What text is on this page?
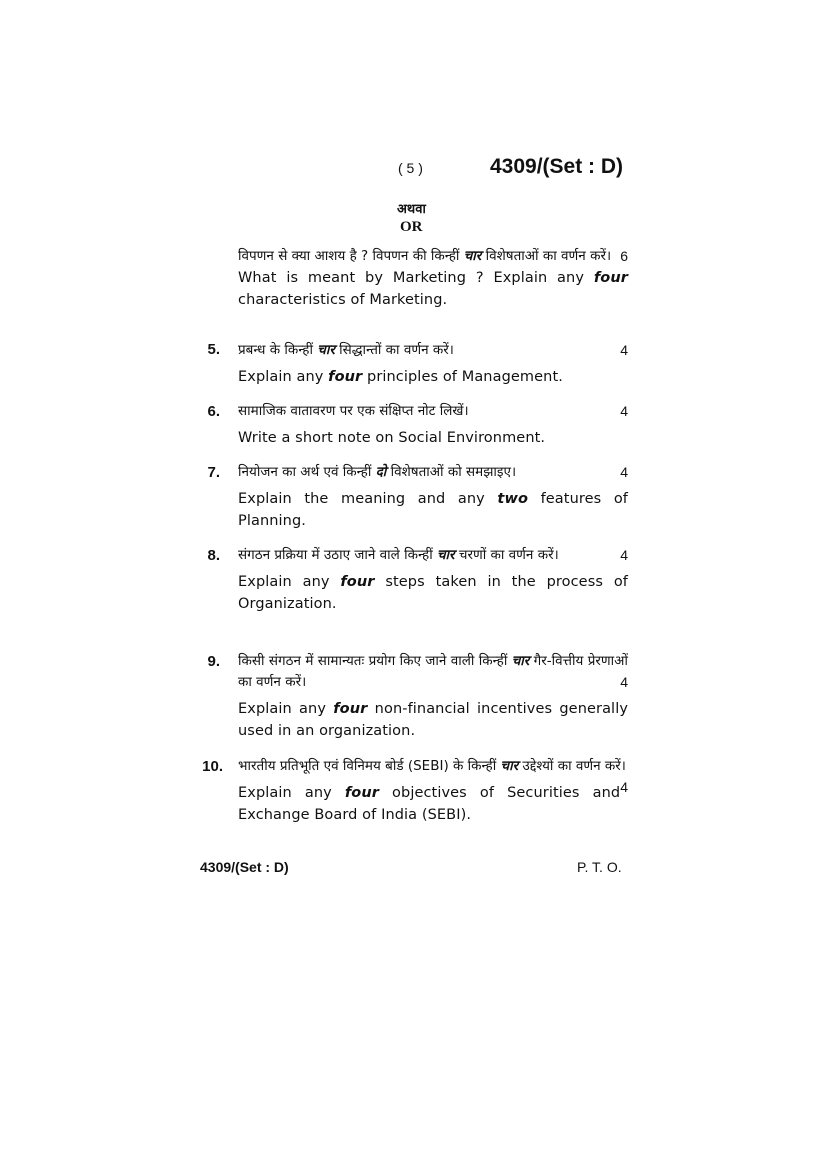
( 5 )	4309/(Set : D)
अथवा
OR
विपणन से क्या आशय है ? विपणन की किन्हीं चार विशेषताओं का वर्णन करें। 6
What is meant by Marketing ? Explain any four characteristics of Marketing.
5. प्रबन्ध के किन्हीं चार सिद्धान्तों का वर्णन करें।	4
Explain any four principles of Management.
6. सामाजिक वातावरण पर एक संक्षिप्त नोट लिखें।	4
Write a short note on Social Environment.
7. नियोजन का अर्थ एवं किन्हीं दो विशेषताओं को समझाइए।	4
Explain the meaning and any two features of Planning.
8. संगठन प्रक्रिया में उठाए जाने वाले किन्हीं चार चरणों का वर्णन करें।	4
Explain any four steps taken in the process of Organization.
9. किसी संगठन में सामान्यतः प्रयोग किए जाने वाली किन्हीं चार गैर-वित्तीय प्रेरणाओं का वर्णन करें।	4
Explain any four non-financial incentives generally used in an organization.
10. भारतीय प्रतिभूति एवं विनिमय बोर्ड (SEBI) के किन्हीं चार उद्देश्यों का वर्णन करें।
4
Explain any four objectives of Securities and Exchange Board of India (SEBI).
4309/(Set : D)	P. T. O.
